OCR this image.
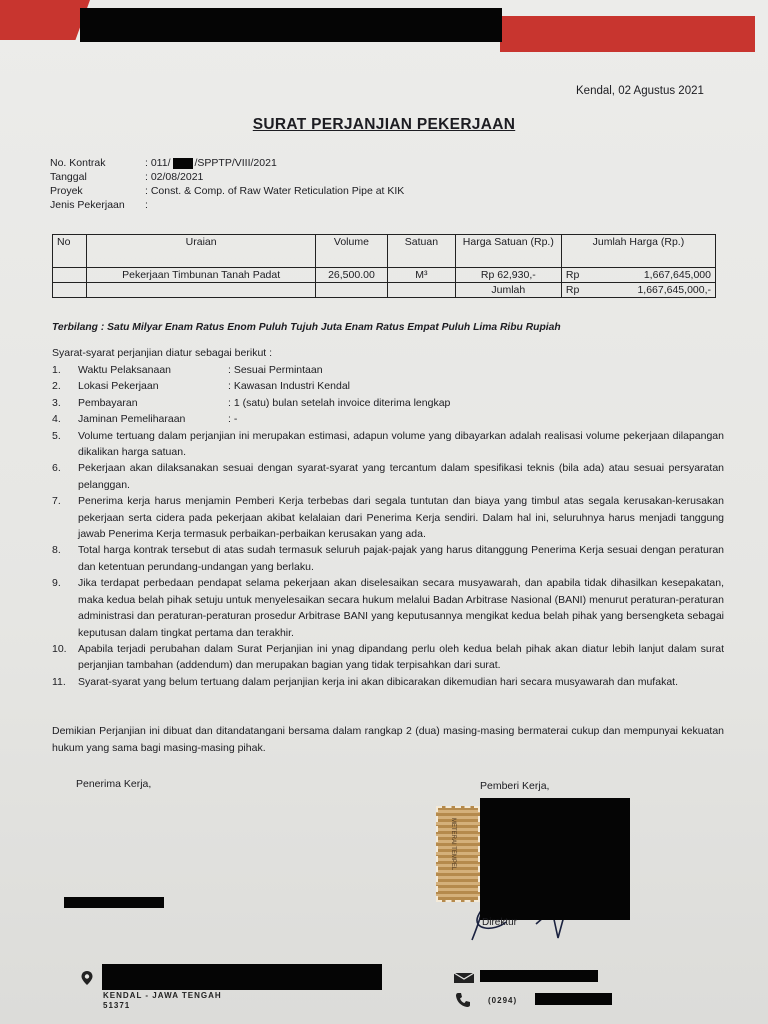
Kendal, 02 Agustus 2021
SURAT PERJANJIAN PEKERJAAN
No. Kontrak	: 011/ /SPPTP/VIII/2021
Tanggal	: 02/08/2021
Proyek	: Const. & Comp. of Raw Water Reticulation Pipe at KIK
Jenis Pekerjaan	:
No	Uraian	Volume	Satuan	Harga Satuan (Rp.)	Jumlah Harga (Rp.)
	Pekerjaan Timbunan Tanah Padat	26,500.00	M³	Rp 62,930,-	Rp 1,667,645,000

				Jumlah	Rp 1,667,645,000,-
Terbilang : Satu Milyar Enam Ratus Enom Puluh Tujuh Juta Enam Ratus Empat Puluh Lima Ribu Rupiah
Syarat-syarat perjanjian diatur sebagai berikut :
1.	Waktu Pelaksanaan	: Sesuai Permintaan
2.	Lokasi Pekerjaan	: Kawasan Industri Kendal
3.	Pembayaran	: 1 (satu) bulan setelah invoice diterima lengkap
4.	Jaminan Pemeliharaan	: -
5.	Volume tertuang dalam perjanjian ini merupakan estimasi, adapun volume yang dibayarkan adalah realisasi volume pekerjaan dilapangan dikalikan harga satuan.
6.	Pekerjaan akan dilaksanakan sesuai dengan syarat-syarat yang tercantum dalam spesifikasi teknis (bila ada) atau sesuai persyaratan pelanggan.
7.	Penerima kerja harus menjamin Pemberi Kerja terbebas dari segala tuntutan dan biaya yang timbul atas segala kerusakan-kerusakan pekerjaan serta cidera pada pekerjaan akibat kelalaian dari Penerima Kerja sendiri. Dalam hal ini, seluruhnya harus menjadi tanggung jawab Penerima Kerja termasuk perbaikan-perbaikan kerusakan yang ada.
8.	Total harga kontrak tersebut di atas sudah termasuk seluruh pajak-pajak yang harus ditanggung Penerima Kerja sesuai dengan peraturan dan ketentuan perundang-undangan yang berlaku.
9.	Jika terdapat perbedaan pendapat selama pekerjaan akan diselesaikan secara musyawarah, dan apabila tidak dihasilkan kesepakatan, maka kedua belah pihak setuju untuk menyelesaikan secara hukum melalui Badan Arbitrase Nasional (BANI) menurut peraturan-peraturan administrasi dan peraturan-peraturan prosedur Arbitrase BANI yang keputusannya mengikat kedua belah pihak yang bersengketa sebagai keputusan dalam tingkat pertama dan terakhir.
10.	Apabila terjadi perubahan dalam Surat Perjanjian ini ynag dipandang perlu oleh kedua belah pihak akan diatur lebih lanjut dalam surat perjanjian tambahan (addendum) dan merupakan bagian yang tidak terpisahkan dari surat.
11.	Syarat-syarat yang belum tertuang dalam perjanjian kerja ini akan dibicarakan dikemudian hari secara musyawarah dan mufakat.
Demikian Perjanjian ini dibuat dan ditandatangani bersama dalam rangkap 2 (dua) masing-masing bermaterai cukup dan mempunyai kekuatan hukum yang sama bagi masing-masing pihak.
Penerima Kerja,	Pemberi Kerja,
METERAI TEMPEL
Direktur
KENDAL - JAWA TENGAH
51371
(0294)
